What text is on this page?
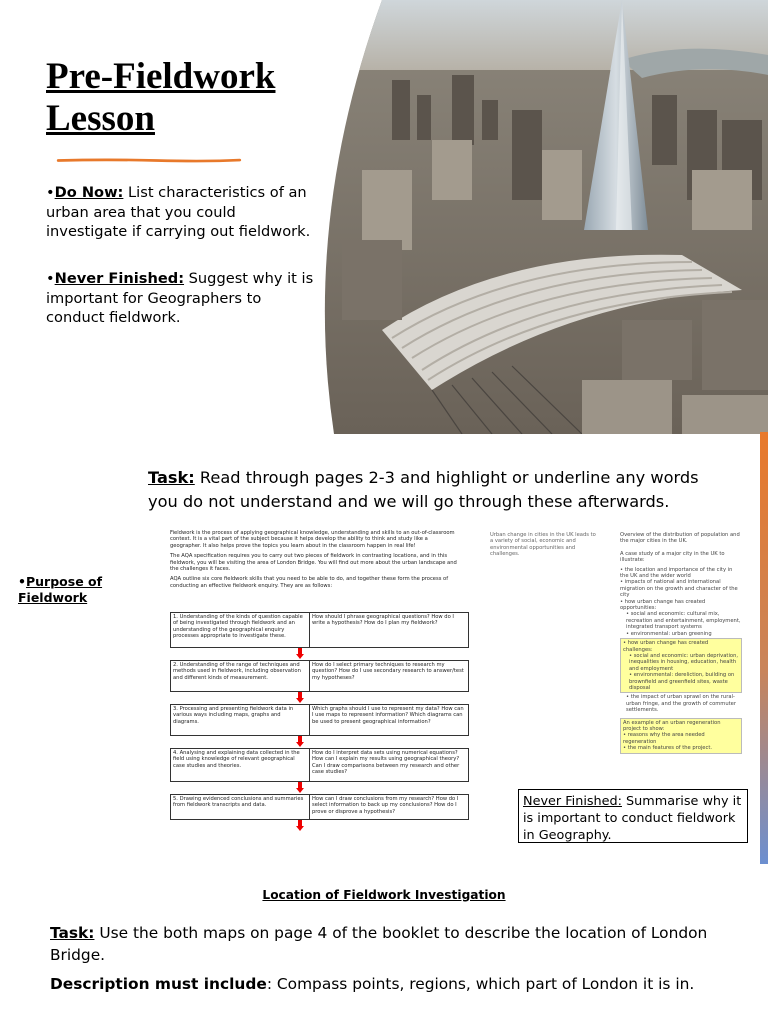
Pre-Fieldwork
Lesson
•Do Now: List characteristics of an urban area that you could investigate if carrying out fieldwork.
•Never Finished: Suggest why it is important for Geographers to conduct fieldwork.
Task: Read through pages 2-3 and highlight or underline any words you do not understand and we will go through these afterwards.
•Purpose of
Fieldwork
Fieldwork is the process of applying geographical knowledge, understanding and skills to an out-of-classroom context. It is a vital part of the subject because it helps develop the ability to think and study like a geographer. It also helps prove the topics you learn about in the classroom happen in real life!
The AQA specification requires you to carry out two pieces of fieldwork in contrasting locations, and in this fieldwork, you will be visiting the area of London Bridge. You will find out more about the urban landscape and the challenges it faces.
AQA outline six core fieldwork skills that you need to be able to do, and together these form the process of conducting an effective fieldwork enquiry. They are as follows:
1. Understanding of the kinds of question capable of being investigated through fieldwork and an understanding of the geographical enquiry processes appropriate to investigate these.
How should I phrase geographical questions? How do I write a hypothesis? How do I plan my fieldwork?
2. Understanding of the range of techniques and methods used in fieldwork, including observation and different kinds of measurement.
How do I select primary techniques to research my question? How do I use secondary research to answer/test my hypotheses?
3. Processing and presenting fieldwork data in various ways including maps, graphs and diagrams.
Which graphs should I use to represent my data? How can I use maps to represent information? Which diagrams can be used to present geographical information?
4. Analysing and explaining data collected in the field using knowledge of relevant geographical case studies and theories.
How do I interpret data sets using numerical equations? How can I explain my results using geographical theory? Can I draw comparisons between my research and other case studies?
5. Drawing evidenced conclusions and summaries from fieldwork transcripts and data.
How can I draw conclusions from my research? How do I select information to back up my conclusions? How do I prove or disprove a hypothesis?
Urban change in cities in the UK leads to a variety of social, economic and environmental opportunities and challenges.
Overview of the distribution of population and the major cities in the UK.
A case study of a major city in the UK to illustrate:
• the location and importance of the city in the UK and the wider world
• impacts of national and international migration on the growth and character of the city
• how urban change has created opportunities:
• social and economic: cultural mix, recreation and entertainment, employment, integrated transport systems
• environmental: urban greening
• how urban change has created challenges:
• social and economic: urban deprivation, inequalities in housing, education, health and employment
• environmental: dereliction, building on brownfield and greenfield sites, waste disposal
• the impact of urban sprawl on the rural-urban fringe, and the growth of commuter settlements.
An example of an urban regeneration project to show:
• reasons why the area needed regeneration
• the main features of the project.
Never Finished: Summarise why it is important to conduct fieldwork in Geography.
Location of Fieldwork Investigation
Task: Use the both maps on page 4 of the booklet to describe the location of London Bridge.
Description must include: Compass points, regions, which part of London it is in.
